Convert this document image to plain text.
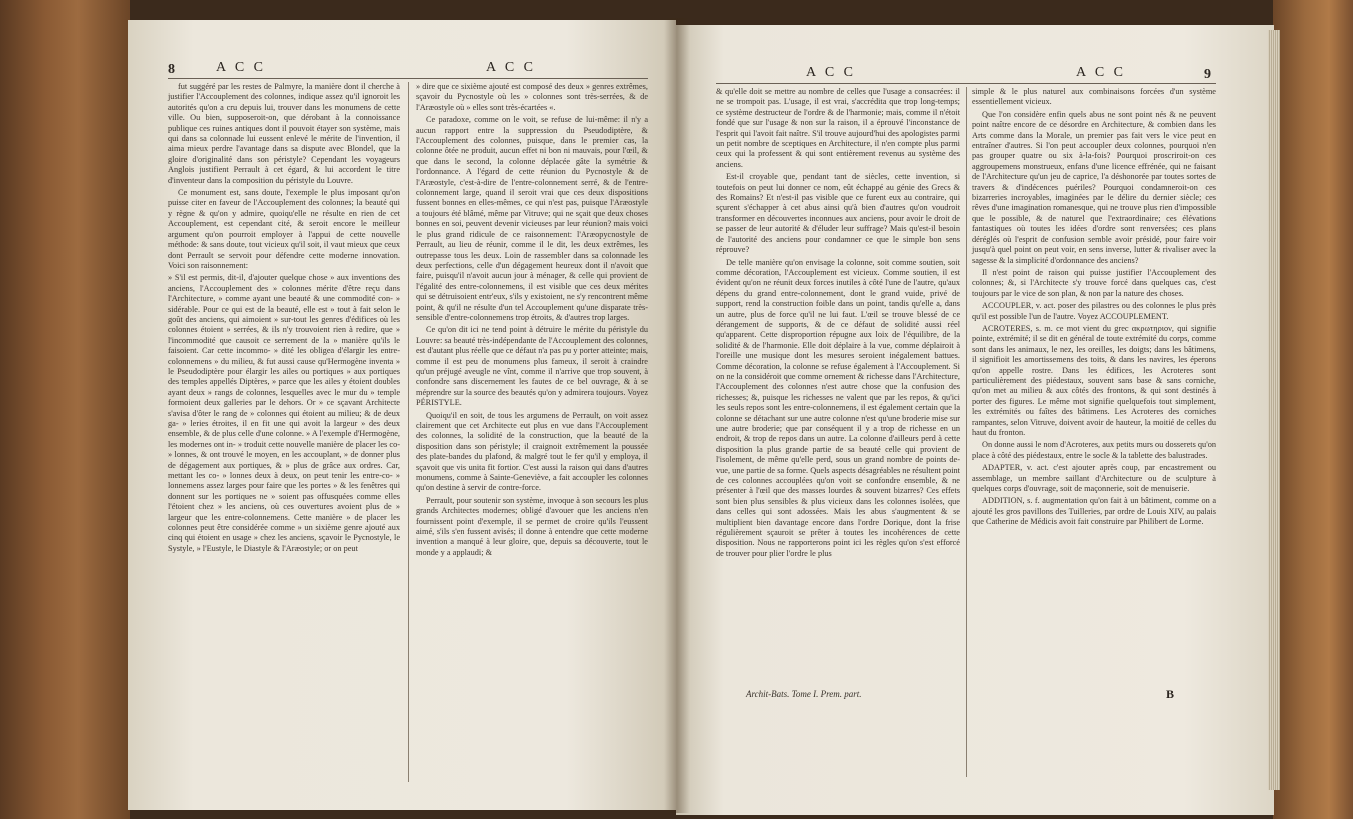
8	A C C	A C C

fut suggéré par les restes de Palmyre, la manière dont il cherche à justifier l'Accouplement des colonnes, indique assez qu'il ignoroit les autorités qu'on a cru depuis lui, trouver dans les monumens de cette ville. Ou bien, supposeroit-on, que dérobant à la connoissance publique ces ruines antiques dont il pouvoit étayer son système, mais qui dans sa colonnade lui eussent enlevé le mérite de l'invention, il aima mieux perdre l'avantage dans sa dispute avec Blondel, que la gloire d'originalité dans son péristyle? Cependant les voyageurs Anglois justifient Perrault à cet égard, & lui accordent le titre d'inventeur dans la composition du péristyle du Louvre.

Ce monument est, sans doute, l'exemple le plus imposant qu'on puisse citer en faveur de l'Accouplement des colonnes; la beauté qui y règne & qu'on y admire, quoiqu'elle ne résulte en rien de cet Accouplement, est cependant cité, & seroit encore le meilleur argument qu'on pourroit employer à l'appui de cette nouvelle méthode: & sans doute, tout vicieux qu'il soit, il vaut mieux que ceux dont Perrault se servoit pour défendre cette moderne innovation. Voici son raisonnement:

» S'il est permis, dit-il, d'ajouter quelque chose » aux inventions des anciens, l'Accouplement des » colonnes mérite d'être reçu dans l'Architecture, » comme ayant une beauté & une commodité con- » sidérable. Pour ce qui est de la beauté, elle est » tout à fait selon le goût des anciens, qui aimoient » sur-tout les genres d'édifices où les colonnes étoient » serrées, & ils n'y trouvoient rien à redire, que » l'incommodité que causoit ce serrement de la » manière qu'ils le faisoient. Car cette incommo- » dité les obligea d'élargir les entre-colonnemens » du milieu, & fut aussi cause qu'Hermogène inventa » le Pseudodiptère pour élargir les ailes ou portiques » aux portiques des temples appellés Diptères, » parce que les ailes y étoient doubles ayant deux » rangs de colonnes, lesquelles avec le mur du » temple formoient deux galleries par le dehors. Or » ce sçavant Architecte s'avisa d'ôter le rang de » colonnes qui étoient au milieu; & de deux ga- » leries étroites, il en fit une qui avoit la largeur » des deux ensemble, & de plus celle d'une colonne. » A l'exemple d'Hermogène, les modernes ont in- » troduit cette nouvelle manière de placer les co- » lonnes, & ont trouvé le moyen, en les accouplant, » de donner plus de dégagement aux portiques, & » plus de grâce aux ordres. Car, mettant les co- » lonnes deux à deux, on peut tenir les entre-co- » lonnemens assez larges pour faire que les portes » & les fenêtres qui donnent sur les portiques ne » soient pas offusquées comme elles l'étoient chez » les anciens, où ces ouvertures avoient plus de » largeur que les entre-colonnemens. Cette manière » de placer les colonnes peut être considérée comme » un sixième genre ajouté aux cinq qui étoient en usage » chez les anciens, sçavoir le Pycnostyle, le Systyle, » l'Eustyle, le Diastyle & l'Aræostyle; or on peut

» dire que ce sixième ajouté est composé des deux » genres extrêmes, sçavoir du Pycnostyle où les » colonnes sont très-serrées, & de l'Aræostyle où » elles sont très-écartées «.

Ce paradoxe, comme on le voit, se refuse de lui-même: il n'y a aucun rapport entre la suppression du Pseudodiptère, & l'Accouplement des colonnes, puisque, dans le premier cas, la colonne ôtée ne produit, aucun effet ni bon ni mauvais, pour l'œil, & que dans le second, la colonne déplacée gâte la symétrie & l'ordonnance. A l'égard de cette réunion du Pycnostyle & de l'Aræostyle, c'est-à-dire de l'entre-colonnement serré, & de l'entre-colonnement large, quand il seroit vrai que ces deux dispositions fussent bonnes en elles-mêmes, ce qui n'est pas, puisque l'Aræostyle a toujours été blâmé, même par Vitruve; qui ne sçait que deux choses bonnes en soi, peuvent devenir vicieuses par leur réunion? mais voici le plus grand ridicule de ce raisonnement: l'Aræopycnostyle de Perrault, au lieu de réunir, comme il le dit, les deux extrêmes, les outrepasse tous les deux. Loin de rassembler dans sa colonnade les deux perfections, celle d'un dégagement heureux dont il n'avoit que faire, puisqu'il n'avoit aucun jour à ménager, & celle qui provient de l'égalité des entre-colonnemens, il est visible que ces deux mérites qui se détruisoient entr'eux, s'ils y existoient, ne s'y rencontrent même point, & qu'il ne résulte d'un tel Accouplement qu'une disparate très-sensible d'entre-colonnemens trop étroits, & d'autres trop larges.

Ce qu'on dit ici ne tend point à détruire le mérite du péristyle du Louvre: sa beauté très-indépendante de l'Accouplement des colonnes, est d'autant plus réelle que ce défaut n'a pas pu y porter atteinte; mais, comme il est peu de monumens plus fameux, il seroit à craindre qu'un préjugé aveugle ne vînt, comme il n'arrive que trop souvent, à confondre sans discernement les fautes de ce bel ouvrage, & à se méprendre sur la source des beautés qu'on y admirera toujours. Voyez PÉRISTYLE.

Quoiqu'il en soit, de tous les argumens de Perrault, on voit assez clairement que cet Architecte eut plus en vue dans l'Accouplement des colonnes, la solidité de la construction, que la beauté de la disposition dans son péristyle; il craignoit extrêmement la poussée des plate-bandes du plafond, & malgré tout le fer qu'il y employa, il sçavoit que vis unita fit fortior. C'est aussi la raison qui dans d'autres monumens, comme à Sainte-Geneviève, a fait accoupler les colonnes qu'on destine à servir de contre-force.

Perrault, pour soutenir son système, invoque à son secours les plus grands Architectes modernes; obligé d'avouer que les anciens n'en fournissent point d'exemple, il se permet de croire qu'ils l'eussent aimé, s'ils s'en fussent avisés; il donne à entendre que cette moderne invention a manqué à leur gloire, que, depuis sa découverte, tout le monde y a applaudi; &

A C C	A C C	9

& qu'elle doit se mettre au nombre de celles que l'usage a consacrées: il ne se trompoit pas. L'usage, il est vrai, s'accrédita que trop long-temps; ce système destructeur de l'ordre & de l'harmonie; mais, comme il n'étoit fondé que sur l'usage & non sur la raison, il a éprouvé l'inconstance de l'esprit qui l'avoit fait naître. S'il trouve aujourd'hui des apologistes parmi un petit nombre de sceptiques en Architecture, il n'en compte plus parmi ceux qui la professent & qui sont entièrement revenus au système des anciens.

Est-il croyable que, pendant tant de siècles, cette invention, si toutefois on peut lui donner ce nom, eût échappé au génie des Grecs & des Romains? Et n'est-il pas visible que ce furent eux au contraire, qui sçurent s'échapper à cet abus ainsi qu'à bien d'autres qu'on voudroit transformer en découvertes inconnues aux anciens, pour avoir le droit de se passer de leur autorité & d'éluder leur suffrage? Mais qu'est-il besoin de l'autorité des anciens pour condamner ce que le simple bon sens réprouve?

De telle manière qu'on envisage la colonne, soit comme soutien, soit comme décoration, l'Accouplement est vicieux. Comme soutien, il est évident qu'on ne réunit deux forces inutiles à côté l'une de l'autre, qu'aux dépens du grand entre-colonnement, dont le grand vuide, privé de support, rend la construction foible dans un point, tandis qu'elle a, dans un autre, plus de force qu'il ne lui faut. L'œil se trouve blessé de ce dérangement de supports, & de ce défaut de solidité aussi réel qu'apparent. Cette disproportion répugne aux loix de l'équilibre, de la solidité & de l'harmonie. Elle doit déplaire à la vue, comme déplairoit à l'oreille une musique dont les mesures seroient inégalement battues. Comme décoration, la colonne se refuse également à l'Accouplement. Si on ne la considéroit que comme ornement & richesse dans l'Architecture, l'Accouplement des colonnes n'est autre chose que la confusion des richesses; &, puisque les richesses ne valent que par les repos, & qu'ici les seuls repos sont les entre-colonnemens, il est également certain que la colonne se détachant sur une autre colonne n'est qu'une broderie mise sur une autre broderie; que par conséquent il y a trop de richesse en un endroit, & trop de repos dans un autre. La colonne d'ailleurs perd à cette disposition la plus grande partie de sa beauté celle qui provient de l'isolement, de même qu'elle perd, sous un grand nombre de points de-vue, une partie de sa forme. Quels aspects désagréables ne résultent point de ces colonnes accouplées qu'on voit se confondre ensemble, & ne présenter à l'œil que des masses lourdes & souvent bizarres? Ces effets sont bien plus sensibles & plus vicieux dans les colonnes isolées, que dans celles qui sont adossées. Mais les abus s'augmentent & se multiplient bien davantage encore dans l'ordre Dorique, dont la frise régulièrement sçauroit se prêter à toutes les incohérences de cette disposition. Nous ne rapporterons point ici les règles qu'on s'est efforcé de trouver pour plier l'ordre le plus

simple & le plus naturel aux combinaisons forcées d'un système essentiellement vicieux.

Que l'on considère enfin quels abus ne sont point nés & ne peuvent point naître encore de ce désordre en Architecture, & combien dans les Arts comme dans la Morale, un premier pas fait vers le vice peut en entraîner d'autres. Si l'on peut accoupler deux colonnes, pourquoi n'en pas grouper quatre ou six à-la-fois? Pourquoi proscriroit-on ces aggroupemens monstrueux, enfans d'une licence effrénée, qui ne faisant de l'Architecture qu'un jeu de caprice, l'a déshonorée par toutes sortes de travers & d'indécences puériles? Pourquoi condamneroit-on ces bizarreries incroyables, imaginées par le délire du dernier siècle; ces rêves d'une imagination romanesque, qui ne trouve plus rien d'impossible que le possible, & de naturel que l'extraordinaire; ces élévations fantastiques où toutes les idées d'ordre sont renversées; ces plans déréglés où l'esprit de confusion semble avoir présidé, pour faire voir jusqu'à quel point on peut voir, en sens inverse, lutter & rivaliser avec la sagesse & la simplicité d'ordonnance des anciens?

Il n'est point de raison qui puisse justifier l'Accouplement des colonnes; &, si l'Architecte s'y trouve forcé dans quelques cas, c'est toujours par le vice de son plan, & non par la nature des choses.

ACCOUPLER, v. act. poser des pilastres ou des colonnes le plus près qu'il est possible l'un de l'autre. Voyez ACCOUPLEMENT.

ACROTERES, s. m. ce mot vient du grec ακρωτηριον, qui signifie pointe, extrémité; il se dit en général de toute extrémité du corps, comme sont dans les animaux, le nez, les oreilles, les doigts; dans les bâtimens, il signifioit les amortissemens des toits, & dans les navires, les éperons qu'on appelle rostre. Dans les édifices, les Acroteres sont particulièrement des piédestaux, souvent sans base & sans corniche, qu'on met au milieu & aux côtés des frontons, & qui sont destinés à porter des figures. Le même mot signifie quelquefois tout simplement, les extrémités ou faîtes des bâtimens. Les Acroteres des corniches rampantes, selon Vitruve, doivent avoir de hauteur, la moitié de celles du haut du fronton.

On donne aussi le nom d'Acroteres, aux petits murs ou dosserets qu'on place à côté des piédestaux, entre le socle & la tablette des balustrades.

ADAPTER, v. act. c'est ajouter après coup, par encastrement ou assemblage, un membre saillant d'Architecture ou de sculpture à quelques corps d'ouvrage, soit de maçonnerie, soit de menuiserie.

ADDITION, s. f. augmentation qu'on fait à un bâtiment, comme on a ajouté les gros pavillons des Tuilleries, par ordre de Louis XIV, au palais que Catherine de Médicis avoit fait construire par Philibert de Lorme.

Archit-Bats. Tome I. Prem. part.	B
